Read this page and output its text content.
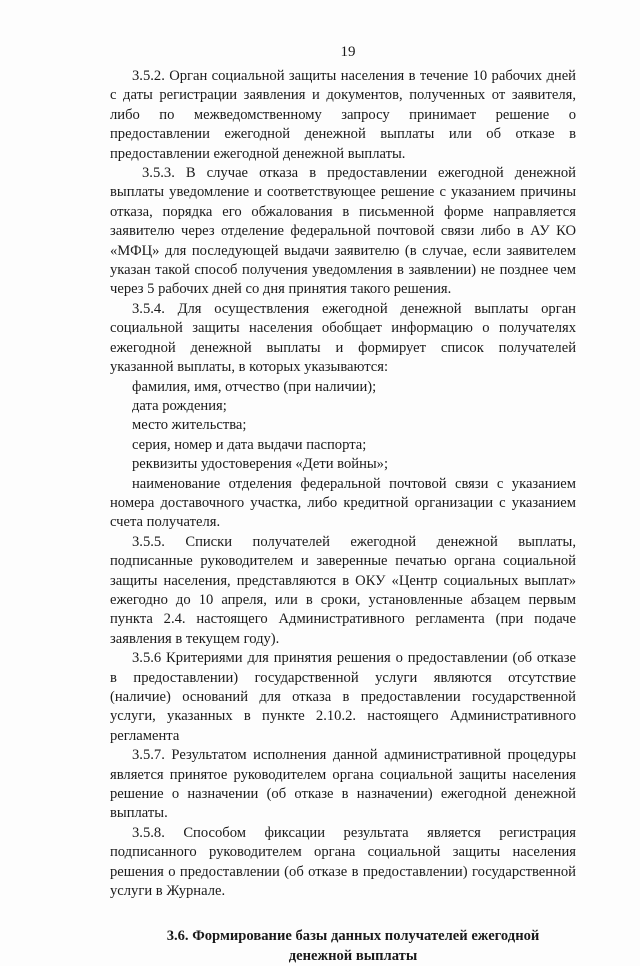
19

3.5.2. Орган социальной защиты населения в течение 10 рабочих дней с даты регистрации заявления и документов, полученных от заявителя, либо по межведомственному запросу принимает решение о предоставлении ежегодной денежной выплаты или об отказе в предоставлении ежегодной денежной выплаты.

3.5.3. В случае отказа в предоставлении ежегодной денежной выплаты уведомление и соответствующее решение с указанием причины отказа, порядка его обжалования в письменной форме направляется заявителю через отделение федеральной почтовой связи либо в АУ КО «МФЦ» для последующей выдачи заявителю (в случае, если заявителем указан такой способ получения уведомления в заявлении) не позднее чем через 5 рабочих дней со дня принятия такого решения.

3.5.4. Для осуществления ежегодной денежной выплаты орган социальной защиты населения обобщает информацию о получателях ежегодной денежной выплаты и формирует список получателей указанной выплаты, в которых указываются:

фамилия, имя, отчество (при наличии);

дата рождения;

место жительства;

серия, номер и дата выдачи паспорта;

реквизиты удостоверения «Дети войны»;

наименование отделения федеральной почтовой связи с указанием номера доставочного участка, либо кредитной организации с указанием счета получателя.

3.5.5. Списки получателей ежегодной денежной выплаты, подписанные руководителем и заверенные печатью органа социальной защиты населения, представляются в ОКУ «Центр социальных выплат» ежегодно до 10 апреля, или в сроки, установленные абзацем первым пункта 2.4. настоящего Административного регламента (при подаче заявления в текущем году).

3.5.6 Критериями для принятия решения о предоставлении (об отказе в предоставлении) государственной услуги являются отсутствие (наличие) оснований для отказа в предоставлении государственной услуги, указанных в пункте 2.10.2. настоящего Административного регламента

3.5.7. Результатом исполнения данной административной процедуры является принятое руководителем органа социальной защиты населения решение о назначении (об отказе в назначении) ежегодной денежной выплаты.

3.5.8. Способом фиксации результата является регистрация подписанного руководителем органа социальной защиты населения решения о предоставлении (об отказе в предоставлении) государственной услуги в Журнале.

3.6. Формирование базы данных получателей ежегодной
денежной выплаты
